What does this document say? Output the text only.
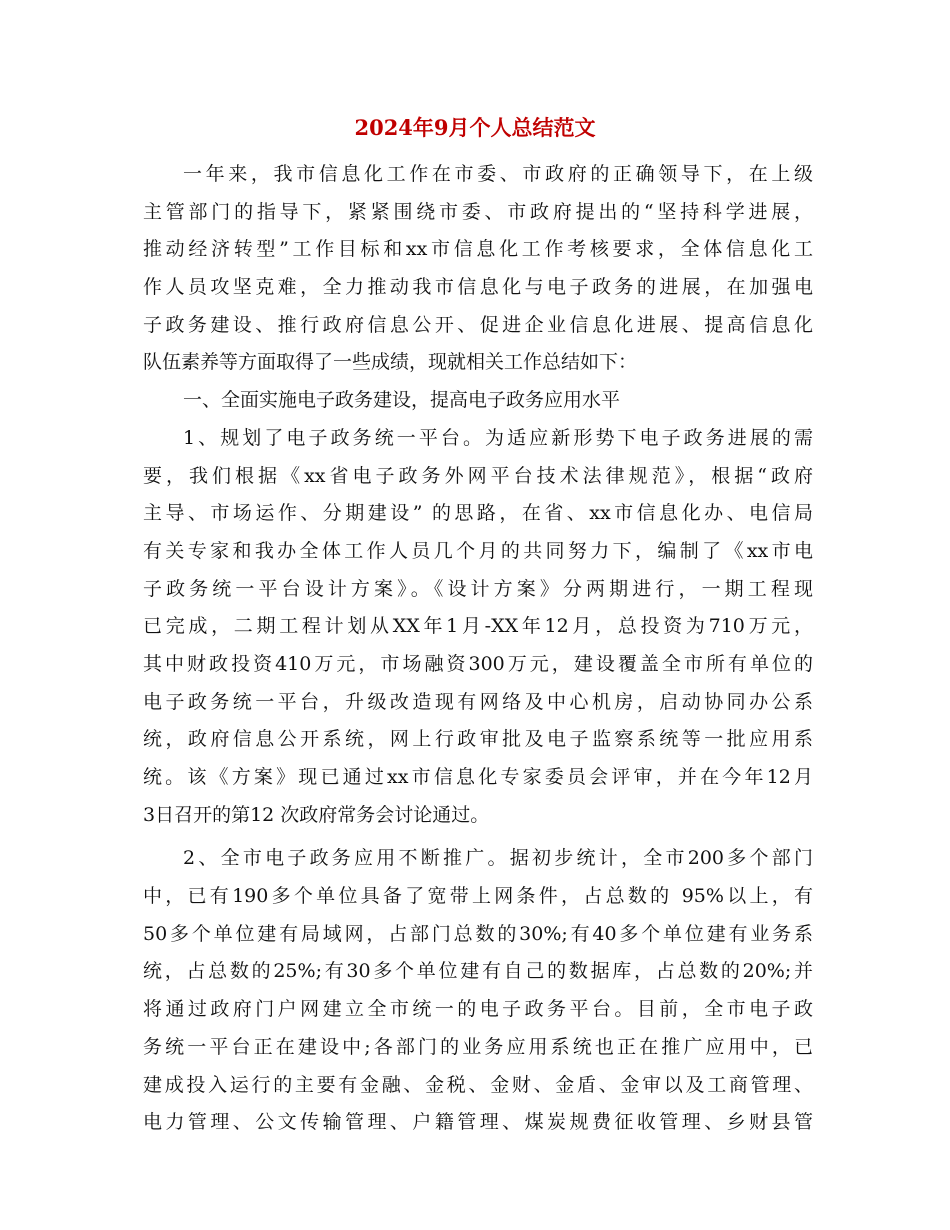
2024年9月个人总结范文
一年来，我市信息化工作在市委、市政府的正确领导下，在上级
主管部门的指导下，紧紧围绕市委、市政府提出的“坚持科学进展，
推动经济转型”工作目标和xx市信息化工作考核要求，全体信息化工
作人员攻坚克难，全力推动我市信息化与电子政务的进展，在加强电
子政务建设、推行政府信息公开、促进企业信息化进展、提高信息化
队伍素养等方面取得了一些成绩，现就相关工作总结如下：
一、全面实施电子政务建设，提高电子政务应用水平
1、规划了电子政务统一平台。为适应新形势下电子政务进展的需
要，我们根据《xx省电子政务外网平台技术法律规范》，根据“政府
主导、市场运作、分期建设” 的思路，在省、xx市信息化办、电信局
有关专家和我办全体工作人员几个月的共同努力下，编制了《xx市电
子政务统一平台设计方案》。《设计方案》分两期进行，一期工程现
已完成，二期工程计划从XX年1月-XX年12月，总投资为710万元，
其中财政投资410万元，市场融资300万元，建设覆盖全市所有单位的
电子政务统一平台，升级改造现有网络及中心机房，启动协同办公系
统，政府信息公开系统，网上行政审批及电子监察系统等一批应用系
统。该《方案》现已通过xx市信息化专家委员会评审，并在今年12月
3日召开的第12 次政府常务会讨论通过。
2、全市电子政务应用不断推广。据初步统计，全市200多个部门
中，已有190多个单位具备了宽带上网条件，占总数的 95%以上，有
50多个单位建有局域网，占部门总数的30%;有40多个单位建有业务系
统，占总数的25%;有30多个单位建有自己的数据库，占总数的20%;并
将通过政府门户网建立全市统一的电子政务平台。目前，全市电子政
务统一平台正在建设中;各部门的业务应用系统也正在推广应用中，已
建成投入运行的主要有金融、金税、金财、金盾、金审以及工商管理、
电力管理、公文传输管理、户籍管理、煤炭规费征收管理、乡财县管
